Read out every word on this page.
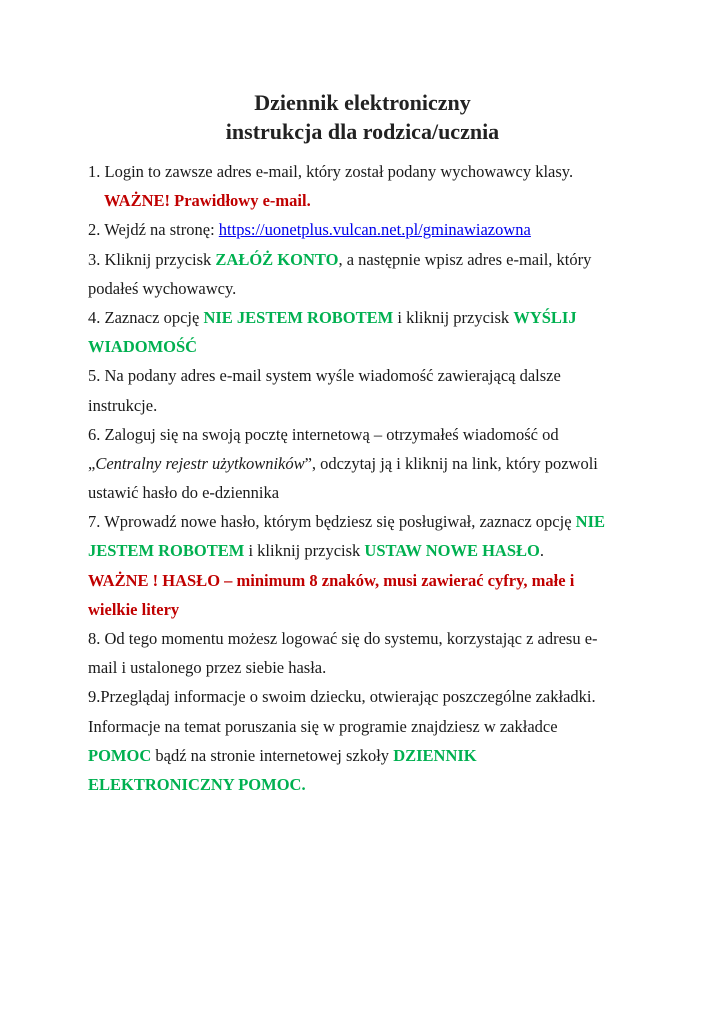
Dziennik elektroniczny
instrukcja dla rodzica/ucznia
1. Login to zawsze adres e-mail, który został podany wychowawcy klasy.
WAŻNE! Prawidłowy e-mail.
2. Wejdź na stronę: https://uonetplus.vulcan.net.pl/gminawiazowna
3. Kliknij przycisk ZAŁÓŻ KONTO, a następnie wpisz adres e-mail, który
podałeś wychowawcy.
4. Zaznacz opcję NIE JESTEM ROBOTEM i kliknij przycisk WYŚLIJ
WIADOMOŚĆ
5. Na podany adres e-mail system wyśle wiadomość zawierającą dalsze
instrukcje.
6. Zaloguj się na swoją pocztę internetową – otrzymałeś wiadomość od
„Centralny rejestr użytkowników”, odczytaj ją i kliknij na link, który pozwoli
ustawić hasło do e-dziennika
7. Wprowadź nowe hasło, którym będziesz się posługiwał, zaznacz opcję NIE
JESTEM ROBOTEM i kliknij przycisk USTAW NOWE HASŁO.
WAŻNE ! HASŁO – minimum 8 znaków, musi zawierać cyfry, małe i
wielkie litery
8. Od tego momentu możesz logować się do systemu, korzystając z adresu e-
mail i ustalonego przez siebie hasła.
9.Przeglądaj informacje o swoim dziecku, otwierając poszczególne zakładki.
Informacje na temat poruszania się w programie znajdziesz w zakładce
POMOC bądź na stronie internetowej szkoły DZIENNIK
ELEKTRONICZNY POMOC.
